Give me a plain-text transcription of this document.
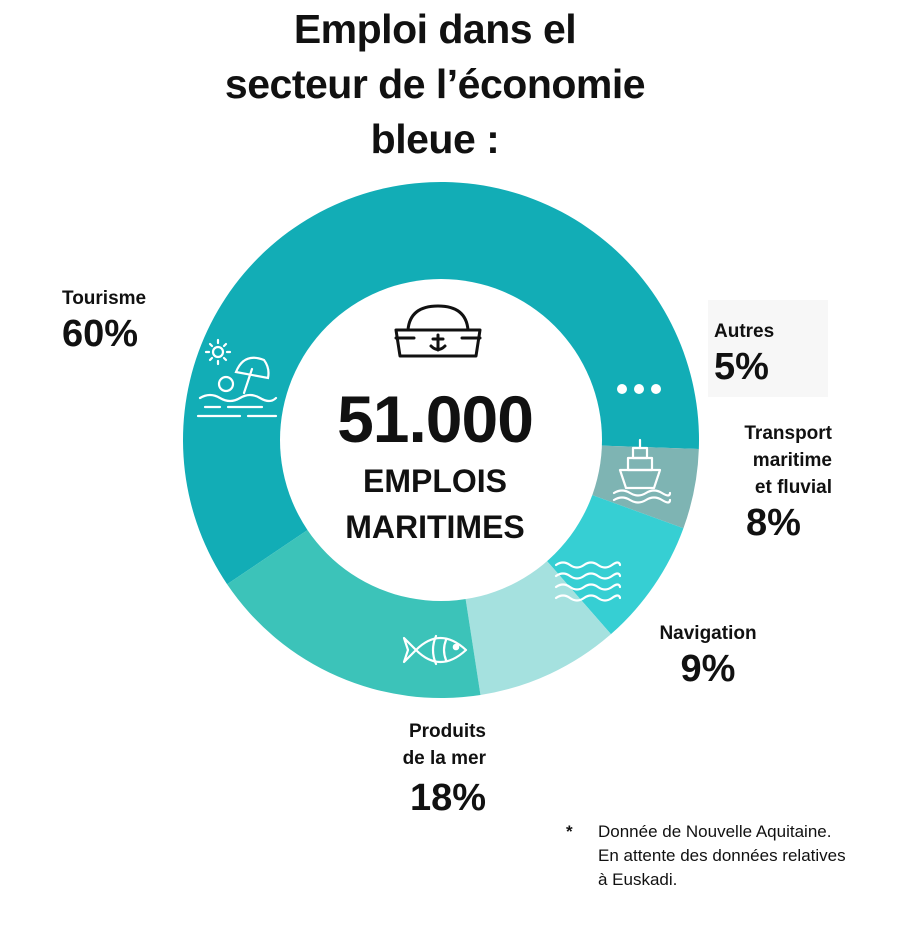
Emploi dans el
secteur de l’économie
bleue :
51.000
EMPLOIS
MARITIMES
Tourisme
60%	Autres
5%
Transport
maritime
et fluvial
8%
Navigation
9%
Produits
de la mer
18%
* Donnée de Nouvelle Aquitaine.
En attente des données relatives
à Euskadi.
